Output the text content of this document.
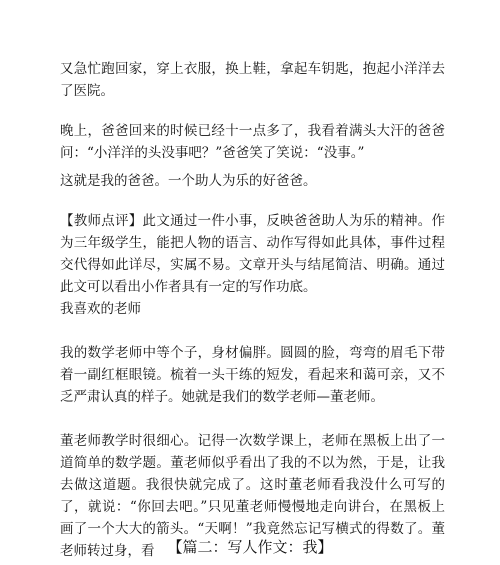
又急忙跑回家，穿上衣服，换上鞋，拿起车钥匙，抱起小洋洋去了医院。

晚上，爸爸回来的时候已经十一点多了，我看着满头大汗的爸爸问：“小洋洋的头没事吧？”爸爸笑了笑说：“没事。”

这就是我的爸爸。一个助人为乐的好爸爸。

【教师点评】此文通过一件小事，反映爸爸助人为乐的精神。作为三年级学生，能把人物的语言、动作写得如此具体，事件过程交代得如此详尽，实属不易。文章开头与结尾简洁、明确。通过此文可以看出小作者具有一定的写作功底。

我喜欢的老师

我的数学老师中等个子，身材偏胖。圆圆的脸，弯弯的眉毛下带着一副红框眼镜。梳着一头干练的短发，看起来和蔼可亲，又不乏严肃认真的样子。她就是我们的数学老师—董老师。

董老师教学时很细心。记得一次数学课上，老师在黑板上出了一道简单的数学题。董老师似乎看出了我的不以为然，于是，让我去做这道题。我很快就完成了。这时董老师看我没什么可写的了，就说：“你回去吧。”只见董老师慢慢地走向讲台，在黑板上画了一个大大的箭头。“天啊！”我竟然忘记写横式的得数了。董老师转过身，看 【篇二：写人作文：我】
